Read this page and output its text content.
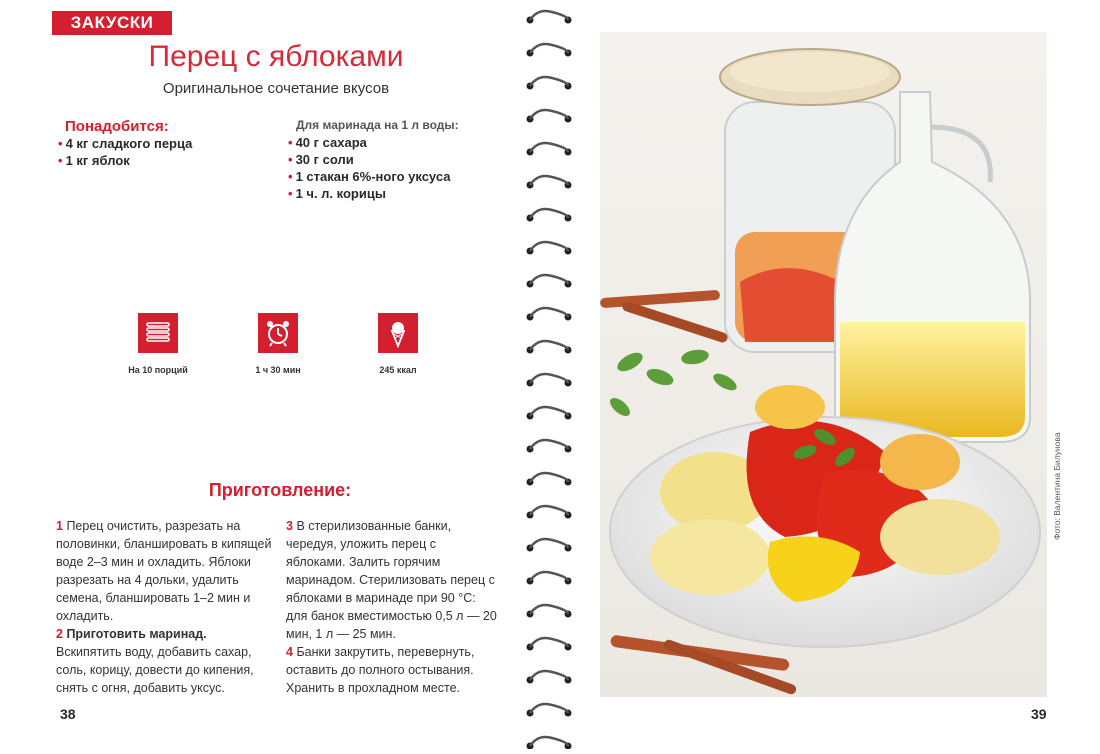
ЗАКУСКИ
Перец с яблоками
Оригинальное сочетание вкусов
Понадобится:
• 4 кг сладкого перца
• 1 кг яблок
Для маринада на 1 л воды:
• 40 г сахара
• 30 г соли
• 1 стакан 6%-ного уксуса
• 1 ч. л. корицы
На 10 порций	1 ч 30 мин	245 ккал
Приготовление:

1 Перец очистить, разрезать на половинки, бланшировать в кипящей воде 2–3 мин и охладить. Яблоки разрезать на 4 дольки, удалить семена, бланшировать 1–2 мин и охладить.

2 Приготовить маринад. Вскипятить воду, добавить сахар, соль, корицу, довести до кипения, снять с огня, добавить уксус.

3 В стерилизованные банки, чередуя, уложить перец с яблоками. Залить горячим маринадом. Стерилизовать перец с яблоками в маринаде при 90 °С: для банок вместимостью 0,5 л — 20 мин, 1 л — 25 мин.

4 Банки закрутить, перевернуть, оставить до полного остывания. Хранить в прохладном месте.

38
Фото: Валентина Билунова
39
